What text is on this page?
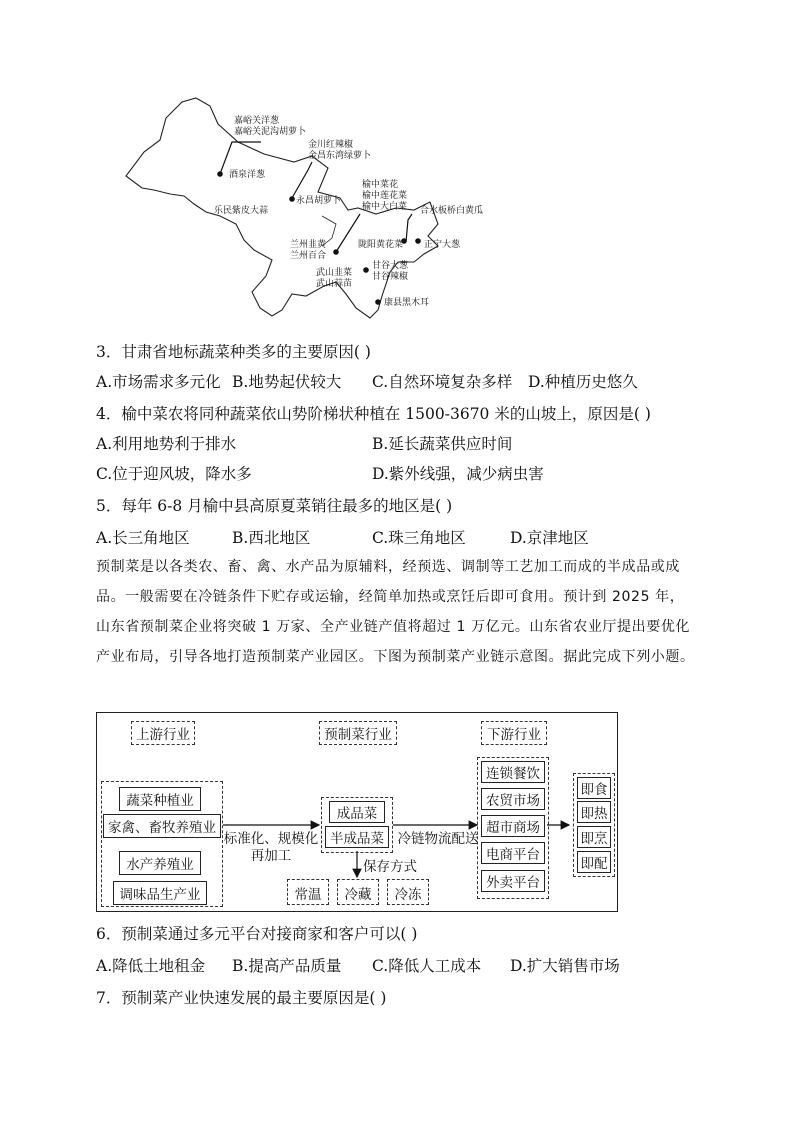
嘉峪关洋葱
嘉峪关泥沟胡萝卜
酒泉洋葱
金川红辣椒
金昌东湾绿萝卜
乐民紫皮大蒜
永昌胡萝卜
榆中菜花
榆中莲花菜
榆中大白菜 合水板桥白黄瓜
兰州韭黄
兰州百合
陇阳黄花菜 正宁大葱
甘谷大葱
甘谷辣椒
武山韭菜
武山蒜苗
康县黑木耳
3．甘肃省地标蔬菜种类多的主要原因( )
A.市场需求多元化 B.地势起伏较大 C.自然环境复杂多样 D.种植历史悠久
4．榆中菜农将同种蔬菜依山势阶梯状种植在 1500-3670 米的山坡上，原因是( )
A.利用地势利于排水	B.延长蔬菜供应时间
C.位于迎风坡，降水多	D.紫外线强，减少病虫害
5．每年 6-8 月榆中县高原夏菜销往最多的地区是( )
A.长三角地区	B.西北地区	C.珠三角地区	D.京津地区
预制菜是以各类农、畜、禽、水产品为原辅料，经预选、调制等工艺加工而成的半成品或成品。一般需要在冷链条件下贮存或运输，经简单加热或烹饪后即可食用。预计到 2025 年，山东省预制菜企业将突破 1 万家、全产业链产值将超过 1 万亿元。山东省农业厅提出要优化产业布局，引导各地打造预制菜产业园区。下图为预制菜产业链示意图。据此完成下列小题。
上游行业	预制菜行业	下游行业
蔬菜种植业
家禽、畜牧养殖业
水产养殖业
调味品生产业
标准化、规模化
再加工
成品菜
半成品菜
保存方式
常温	冷藏	冷冻
冷链物流配送
连锁餐饮
农贸市场
超市商场
电商平台
外卖平台
即食
即热
即烹
即配
6．预制菜通过多元平台对接商家和客户可以( )
A.降低土地租金 B.提高产品质量 C.降低人工成本 D.扩大销售市场
7．预制菜产业快速发展的最主要原因是( )
